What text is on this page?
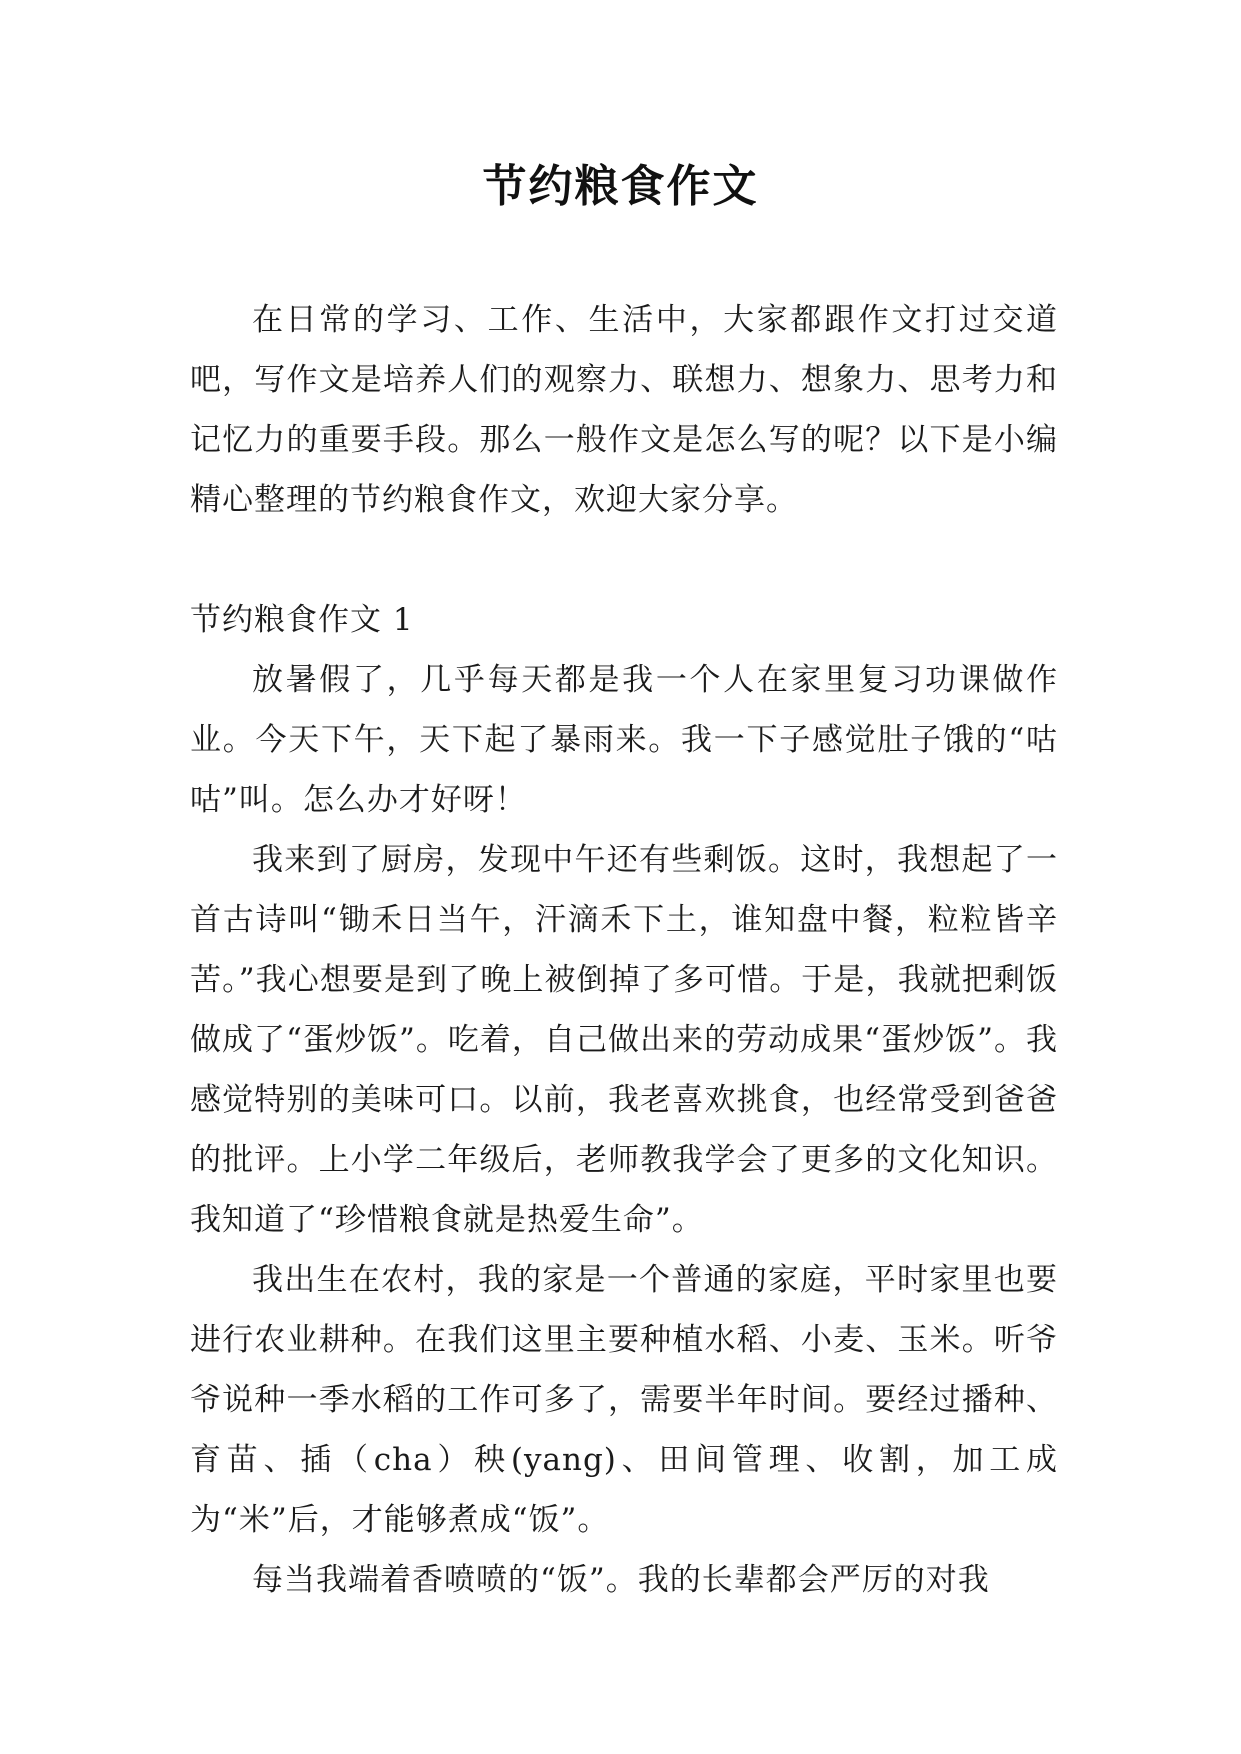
节约粮食作文

在日常的学习、工作、生活中，大家都跟作文打过交道吧，写作文是培养人们的观察力、联想力、想象力、思考力和记忆力的重要手段。那么一般作文是怎么写的呢？以下是小编精心整理的节约粮食作文，欢迎大家分享。

节约粮食作文 1

放暑假了，几乎每天都是我一个人在家里复习功课做作业。今天下午，天下起了暴雨来。我一下子感觉肚子饿的“咕咕”叫。怎么办才好呀！

我来到了厨房，发现中午还有些剩饭。这时，我想起了一首古诗叫“锄禾日当午，汗滴禾下土，谁知盘中餐，粒粒皆辛苦。”我心想要是到了晚上被倒掉了多可惜。于是，我就把剩饭做成了“蛋炒饭”。吃着，自己做出来的劳动成果“蛋炒饭”。我感觉特别的美味可口。以前，我老喜欢挑食，也经常受到爸爸的批评。上小学二年级后，老师教我学会了更多的文化知识。我知道了“珍惜粮食就是热爱生命”。

我出生在农村，我的家是一个普通的家庭，平时家里也要进行农业耕种。在我们这里主要种植水稻、小麦、玉米。听爷爷说种一季水稻的工作可多了，需要半年时间。要经过播种、育苗、插（cha）秧(yang)、田间管理、收割，加工成为“米”后，才能够煮成“饭”。

每当我端着香喷喷的“饭”。我的长辈都会严厉的对我
